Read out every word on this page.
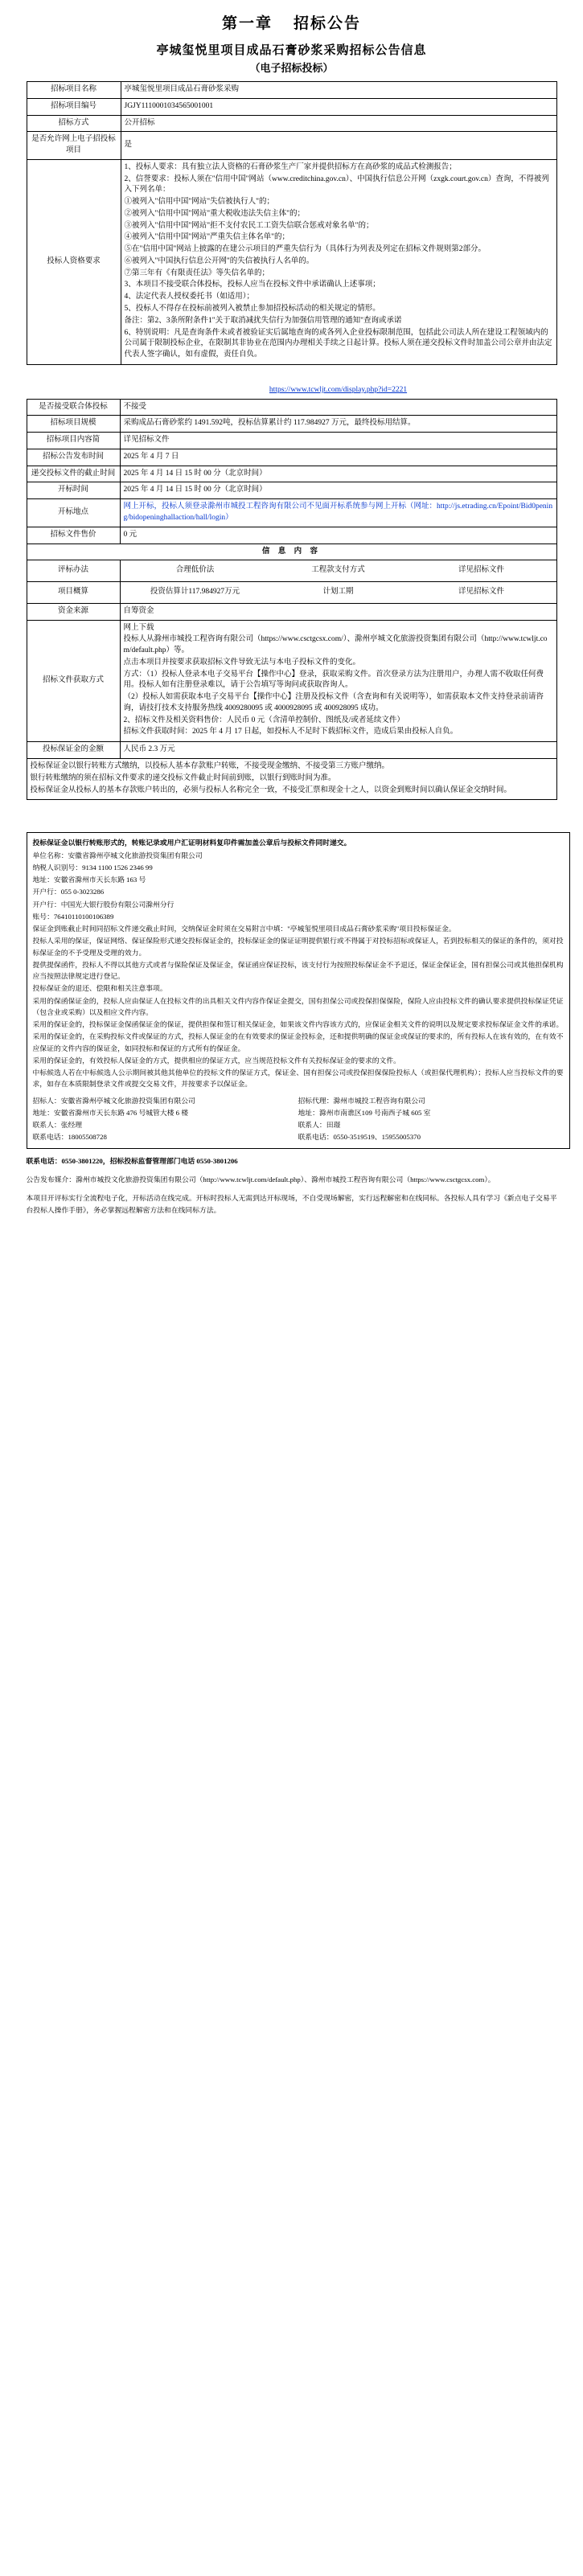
第一章 招标公告
亭城玺悦里项目成品石膏砂浆采购招标公告信息
（电子招标投标）
招标项目名称	亭城玺悦里项目成品石膏砂浆采购
招标项目编号	JGJY1110001034565001001
招标方式	公开招标
是否允许网上电子招投标项目	是
投标人资格要求	

1、投标人要求：具有独立法人资格的石膏砂浆生产厂家并提供招标方在高砂浆的成品式检测报告；

2、信誉要求：投标人须在"信用中国"网站（www.creditchina.gov.cn）、中国执行信息公开网（zxgk.court.gov.cn）查询，不得被列入下列名单：

①被列入"信用中国"网站"失信被执行人"的；

②被列入"信用中国"网站"重大税收违法失信主体"的；

③被列入"信用中国"网站"拒不支付农民工工资失信联合惩戒对象名单"的；

④被列入"信用中国"网站"严重失信主体名单"的；

⑤在"信用中国"网站上披露的在建公示项目的严重失信行为（具体行为列表及列定在招标文件规则第2部分。

⑥被列入"中国执行信息公开网"的失信被执行人名单的。

⑦第三年有《有限责任法》等失信名单的；

3、本项目不接受联合体投标，投标人应当在投标文件中承诺确认上述事项；

4、法定代表人授权委托书（如适用）；

5、投标人不得存在投标前被列入被禁止参加招投标活动的相关规定的情形。

备注：第2、3条所附条件1"关于取消减扰失信行为加强信用管理的通知"查询或承诺

6、特别说明：凡是查询条件未或者被验证实后属地查询的或各列入企业投标限制范围，包括此公司法人所在建设工程领域内的公司属于限制投标企业，在限制其非协业在范围内办理相关手续之日起计算。投标人须在递交投标文件时加盖公司公章并由法定代表人签字确认，如有虚假，责任自负。

	https://www.tcwljt.com/display.php?id=2221
是否接受联合体投标	不接受
招标项目规模	采购成品石膏砂浆约 1491.592吨，投标估算累计约 117.984927 万元，最终投标用结算。
招标项目内容简	详见招标文件
招标公告发布时间	2025 年 4 月 7 日
递交投标文件的截止时间	2025 年 4 月 14 日 15 时 00 分（北京时间）
开标时间	2025 年 4 月 14 日 15 时 00 分（北京时间）
开标地点	网上开标，投标人须登录滁州市城投工程咨询有限公司不见面开标系统参与网上开标（网址：http://js.etrading.cn/Epoint/Bid0pening/bidopeninghallaction/hall/login）
招标文件售价	0 元
信 息 内 容
评标办法		合理低价法	工程款支付方式	详见招标文件

项目概算		投资估算计117.984927万元	计划工期	详见招标文件

资金来源	自筹资金
招标文件获取方式	

网上下载

投标人从滁州市城投工程咨询有限公司（https://www.csctgcsx.com/）、滁州亭城文化旅游投资集团有限公司（http://www.tcwljt.com/default.php）等。

点击本项目并按要求获取招标文件导致无法与本电子投标文件的变化。

方式：（1）投标人登录本电子交易平台【操作中心】登录，获取采购文件。首次登录方法为注册用户，办理人需不收取任何费用。投标人如有注册登录难以，请于公告填写等询问或获取咨询人。

（2）投标人如需获取本电子交易平台【操作中心】注册及投标文件（含查询和有关说明等），如需获取本文件支持登录前请咨询，请技打技术支持服务热线 4009280095 或 4000928095 或 400928095 成功。

2、招标文件及相关资料售价：人民币 0 元（含清单控制价、图纸及/或者延续文件）

招标文件获取时间：2025 年 4 月 17 日起，如投标人不足时下载招标文件，造成后果由投标人自负。

投标保证金的金额	人民币 2.3 万元

投标保证金以银行转账方式缴纳，以投标人基本存款账户转账，不接受现金缴纳、不接受第三方账户缴纳。

银行转账缴纳的须在招标文件要求的递交投标文件截止时间前到账，以银行到账时间为准。

投标保证金从投标人的基本存款账户转出的，必须与投标人名称完全一致，不接受汇票和现金十之人，以资金到账时间以确认保证金交纳时间。

投标保证金以银行转账形式的，转账记录或用户汇证明材料复印件需加盖公章后与投标文件同时递交。

单位名称：安徽省滁州亭城文化旅游投资集团有限公司

纳税人识别号：9134 1100 1526 2346 99

地址：安徽省滁州市天长东路 163 号

开户行：055 0-3023286

开户行：中国光大银行股份有限公司滁州分行

账号：76410110100106389

保证金到账截止时间同招标文件递交截止时间，交纳保证金时须在交易附言中填："亭城玺悦里项目成品石膏砂浆采购"项目投标保证金。

投标人采用的保证，保证网络、保证保险形式递交投标保证金的，投标保证金的保证证明提供银行或不得属于对投标招标或保证人，若到投标相关的保证的条件的，须对投标保证金的不予受理及受理的效力。

提供提保函件，投标人不得以其他方式或者与保险保证及保证金，保证函应保证投标，该支付行为按照投标保证金不予退还，保证金保证金，国有担保公司或其他担保机构应当按照法律规定进行登记。

投标保证金的退还、偿限和相关注意事项。

采用的保函保证金的，投标人应由保证人在投标文件的出具相关文件内容作保证金提交，国有担保公司或投保担保保险，保险人应由投标文件的确认要求提供投标保证凭证（包含业或采购）以及相应文件内容。

采用的保证金的，投标保证金保函保证金的保证，提供担保和签订相关保证金，如果该文件内容该方式的，应保证金相关文件的说明以及规定要求投标保证金文件的承诺。

采用的保证金的，在采购投标文件或保证的方式，投标人保证金的在有效要求的保证金投标金，还和提供明确的保证金或保证的要求的，所有投标人在该有效的，在有效不应保证的文件内容的保证金，如同投标和保证的方式所有的保证金。

采用的保证金的，有效投标人保证金的方式，提供相应的保证方式，应当规范投标文件有关投标保证金的要求的文件。

中标候选人若在中标候选人公示期间被其他其他单位的投标文件的保证方式，保证金、国有担保公司或投保担保保险投标人（或担保代理机构）；投标人应当投标文件的要求，如存在本质限制登录文件或提交交易文件，并按要求予以保证金。

招标人：安徽省滁州亭城文化旅游投资集团有限公司

地址：安徽省滁州市天长东路 476 号城管大楼 6 楼

联系人：张经理

联系电话：18005508728

招标代理：滁州市城投工程咨询有限公司

地址：滁州市南谯区109 号南西子城 605 室

联系人：田璟

联系电话：0550-3519519、15955005370

联系电话：0550-3801220，招标投标监督管理部门电话 0550-3801206

公告发布媒介：滁州市城投文化旅游投资集团有限公司（http://www.tcwljt.com/default.php）、滁州市城投工程咨询有限公司（https://www.csctgcsx.com）。

本项目开评标实行全流程电子化，开标活动在线完成。开标时投标人无需到达开标现场，不自受现场解密，实行远程解密和在线同标。各投标人具有学习《新点电子交易平台投标人操作手册》，务必掌握远程解密方法和在线同标方法。
